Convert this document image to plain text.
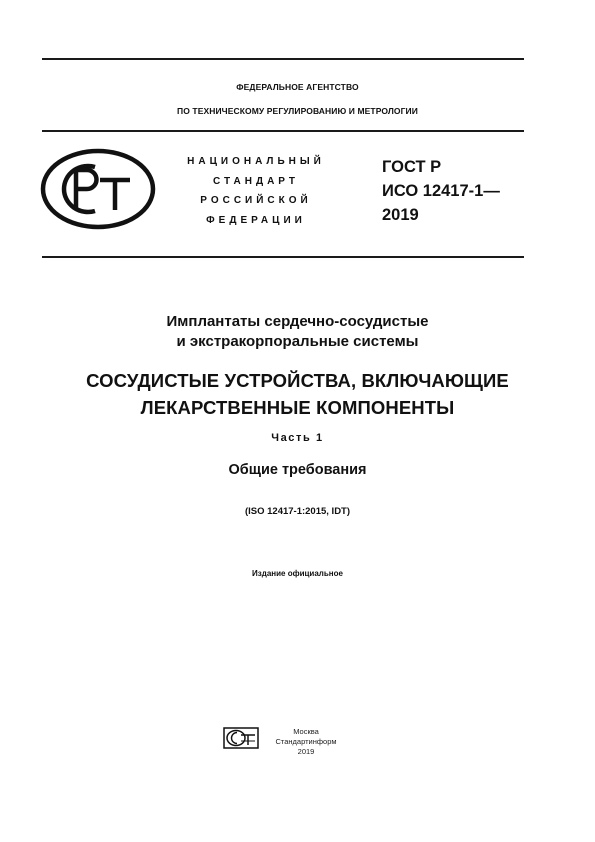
ФЕДЕРАЛЬНОЕ АГЕНТСТВО
ПО ТЕХНИЧЕСКОМУ РЕГУЛИРОВАНИЮ И МЕТРОЛОГИИ
НАЦИОНАЛЬНЫЙ
СТАНДАРТ
РОССИЙСКОЙ
ФЕДЕРАЦИИ
ГОСТ Р
ИСО 12417-1—
2019
Имплантаты сердечно-сосудистые
и экстракорпоральные системы
СОСУДИСТЫЕ УСТРОЙСТВА, ВКЛЮЧАЮЩИЕ
ЛЕКАРСТВЕННЫЕ КОМПОНЕНТЫ
Часть 1
Общие требования
(ISO 12417-1:2015, IDT)
Издание официальное
Москва
Стандартинформ
2019
